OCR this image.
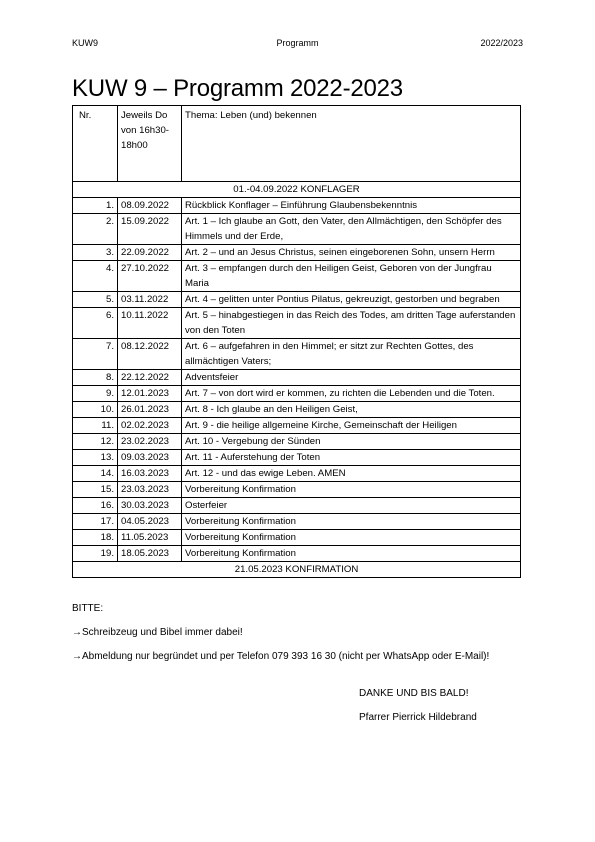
KUW9	Programm	2022/2023
KUW 9 – Programm 2022-2023
Nr.	Jeweils Do von 16h30-18h00	Thema: Leben (und) bekennen
01.-04.09.2022 KONFLAGER		
1.	08.09.2022	Rückblick Konflager – Einführung Glaubensbekenntnis
2.	15.09.2022	Art. 1 – Ich glaube an Gott, den Vater, den Allmächtigen, den Schöpfer des Himmels und der Erde,
3.	22.09.2022	Art. 2 – und an Jesus Christus, seinen eingeborenen Sohn, unsern Herrn
4.	27.10.2022	Art. 3 – empfangen durch den Heiligen Geist, Geboren von der Jungfrau Maria
5.	03.11.2022	Art. 4 – gelitten unter Pontius Pilatus, gekreuzigt, gestorben und begraben
6.	10.11.2022	Art. 5 – hinabgestiegen in das Reich des Todes, am dritten Tage auferstanden von den Toten
7.	08.12.2022	Art. 6 – aufgefahren in den Himmel; er sitzt zur Rechten Gottes, des allmächtigen Vaters;
8.	22.12.2022	Adventsfeier
9.	12.01.2023	Art. 7 – von dort wird er kommen, zu richten die Lebenden und die Toten.
10.	26.01.2023	Art. 8 - Ich glaube an den Heiligen Geist,
11.	02.02.2023	Art. 9 - die heilige allgemeine Kirche, Gemeinschaft der Heiligen
12.	23.02.2023	Art. 10 - Vergebung der Sünden
13.	09.03.2023	Art. 11 - Auferstehung der Toten
14.	16.03.2023	Art. 12 - und das ewige Leben. AMEN
15.	23.03.2023	Vorbereitung Konfirmation
16.	30.03.2023	Osterfeier
17.	04.05.2023	Vorbereitung Konfirmation
18.	11.05.2023	Vorbereitung Konfirmation
19.	18.05.2023	Vorbereitung Konfirmation
21.05.2023 KONFIRMATION		
BITTE:
→Schreibzeug und Bibel immer dabei!
→Abmeldung nur begründet und per Telefon 079 393 16 30 (nicht per WhatsApp oder E-Mail)!
DANKE UND BIS BALD!
Pfarrer Pierrick Hildebrand
